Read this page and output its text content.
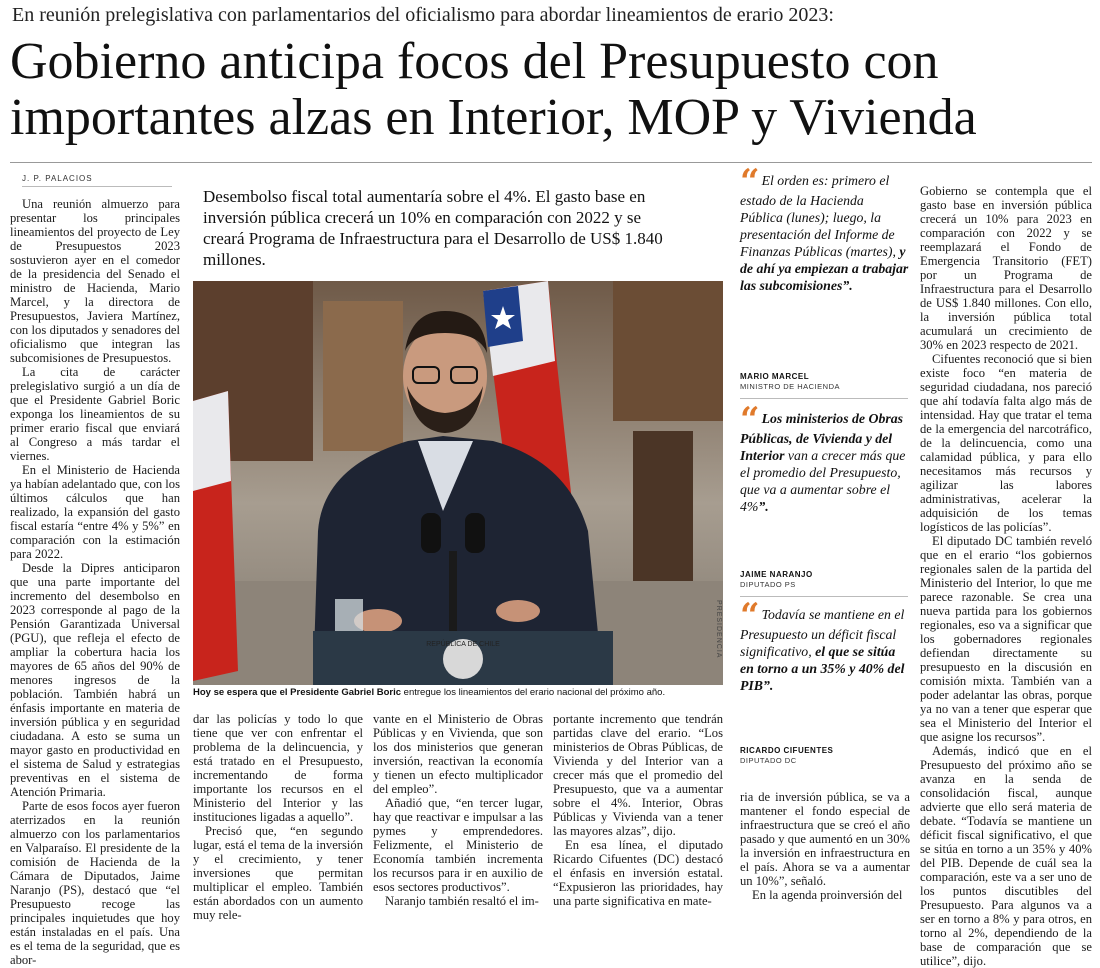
En reunión prelegislativa con parlamentarios del oficialismo para abordar lineamientos de erario 2023:
Gobierno anticipa focos del Presupuesto con
importantes alzas en Interior, MOP y Vivienda
J. P. PALACIOS

Una reunión almuerzo para presentar los principales lineamientos del proyecto de Ley de Presupuestos 2023 sostuvieron ayer en el comedor de la presidencia del Senado el ministro de Hacienda, Mario Marcel, y la directora de Presupuestos, Javiera Martínez, con los diputados y senadores del oficialismo que integran las subcomisiones de Presupuestos.

La cita de carácter prelegislativo surgió a un día de que el Presidente Gabriel Boric exponga los lineamientos de su primer erario fiscal que enviará al Congreso a más tardar el viernes.

En el Ministerio de Hacienda ya habían adelantado que, con los últimos cálculos que han realizado, la expansión del gasto fiscal estaría “entre 4% y 5%” en comparación con la estimación para 2022.

Desde la Dipres anticiparon que una parte importante del incremento del desembolso en 2023 corresponde al pago de la Pensión Garantizada Universal (PGU), que refleja el efecto de ampliar la cobertura hacia los mayores de 65 años del 90% de menores ingresos de la población. También habrá un énfasis importante en materia de inversión pública y en seguridad ciudadana. A esto se suma un mayor gasto en productividad en el sistema de Salud y estrategias preventivas en el sistema de Atención Primaria.

Parte de esos focos ayer fueron aterrizados en la reunión almuerzo con los parlamentarios en Valparaíso. El presidente de la comisión de Hacienda de la Cámara de Diputados, Jaime Naranjo (PS), destacó que “el Presupuesto recoge las principales inquietudes que hoy están instaladas en el país. Una es el tema de la seguridad, que es abor-

Desembolso fiscal total aumentaría sobre el 4%. El gasto base en inversión pública crecerá un 10% en comparación con 2022 y se creará Programa de Infraestructura para el Desarrollo de US$ 1.840 millones.
REPÚBLICA DE CHILE	PRESIDENCIA
Hoy se espera que el Presidente Gabriel Boric entregue los lineamientos del erario nacional del próximo año.

dar las policías y todo lo que tiene que ver con enfrentar el problema de la delincuencia, y está tratado en el Presupuesto, incrementando de forma importante los recursos en el Ministerio del Interior y las instituciones ligadas a aquello”.

Precisó que, “en segundo lugar, está el tema de la inversión y el crecimiento, y tener inversiones que permitan multiplicar el empleo. También están abordados con un aumento muy rele-

vante en el Ministerio de Obras Públicas y en Vivienda, que son los dos ministerios que generan inversión, reactivan la economía y tienen un efecto multiplicador del empleo”.

Añadió que, “en tercer lugar, hay que reactivar e impulsar a las pymes y emprendedores. Felizmente, el Ministerio de Economía también incrementa los recursos para ir en auxilio de esos sectores productivos”.

Naranjo también resaltó el im-

portante incremento que tendrán partidas clave del erario. “Los ministerios de Obras Públicas, de Vivienda y del Interior van a crecer más que el promedio del Presupuesto, que va a aumentar sobre el 4%. Interior, Obras Públicas y Vivienda van a tener las mayores alzas”, dijo.

En esa línea, el diputado Ricardo Cifuentes (DC) destacó el énfasis en inversión estatal. “Expusieron las prioridades, hay una parte significativa en mate-

ria de inversión pública, se va a mantener el fondo especial de infraestructura que se creó el año pasado y que aumentó en un 30% la inversión en infraestructura en el país. Ahora se va a aumentar un 10%”, señaló.

En la agenda proinversión del

“ El orden es: primero el estado de la Hacienda Pública (lunes); luego, la presentación del Informe de Finanzas Públicas (martes), y de ahí ya empiezan a trabajar las subcomisiones”.
MARIO MARCEL
MINISTRO DE HACIENDA
“ Los ministerios de Obras Públicas, de Vivienda y del Interior van a crecer más que el promedio del Presupuesto, que va a aumentar sobre el 4%”.
JAIME NARANJO
DIPUTADO PS
“ Todavía se mantiene en el Presupuesto un déficit fiscal significativo, el que se sitúa en torno a un 35% y 40% del PIB”.
RICARDO CIFUENTES
DIPUTADO DC

Gobierno se contempla que el gasto base en inversión pública crecerá un 10% para 2023 en comparación con 2022 y se reemplazará el Fondo de Emergencia Transitorio (FET) por un Programa de Infraestructura para el Desarrollo de US$ 1.840 millones. Con ello, la inversión pública total acumulará un crecimiento de 30% en 2023 respecto de 2021.

Cifuentes reconoció que si bien existe foco “en materia de seguridad ciudadana, nos pareció que ahí todavía falta algo más de intensidad. Hay que tratar el tema de la emergencia del narcotráfico, de la delincuencia, como una calamidad pública, y para ello necesitamos más recursos y agilizar las labores administrativas, acelerar la adquisición de los temas logísticos de las policías”.

El diputado DC también reveló que en el erario “los gobiernos regionales salen de la partida del Ministerio del Interior, lo que me parece razonable. Se crea una nueva partida para los gobiernos regionales, eso va a significar que los gobernadores regionales defiendan directamente su presupuesto en la discusión en comisión mixta. También van a poder adelantar las obras, porque ya no van a tener que esperar que sea el Ministerio del Interior el que asigne los recursos”.

Además, indicó que en el Presupuesto del próximo año se avanza en la senda de consolidación fiscal, aunque advierte que ello será materia de debate. “Todavía se mantiene un déficit fiscal significativo, el que se sitúa en torno a un 35% y 40% del PIB. Depende de cuál sea la comparación, este va a ser uno de los puntos discutibles del Presupuesto. Para algunos va a ser en torno a 8% y para otros, en torno al 2%, dependiendo de la base de comparación que se utilice”, dijo.
